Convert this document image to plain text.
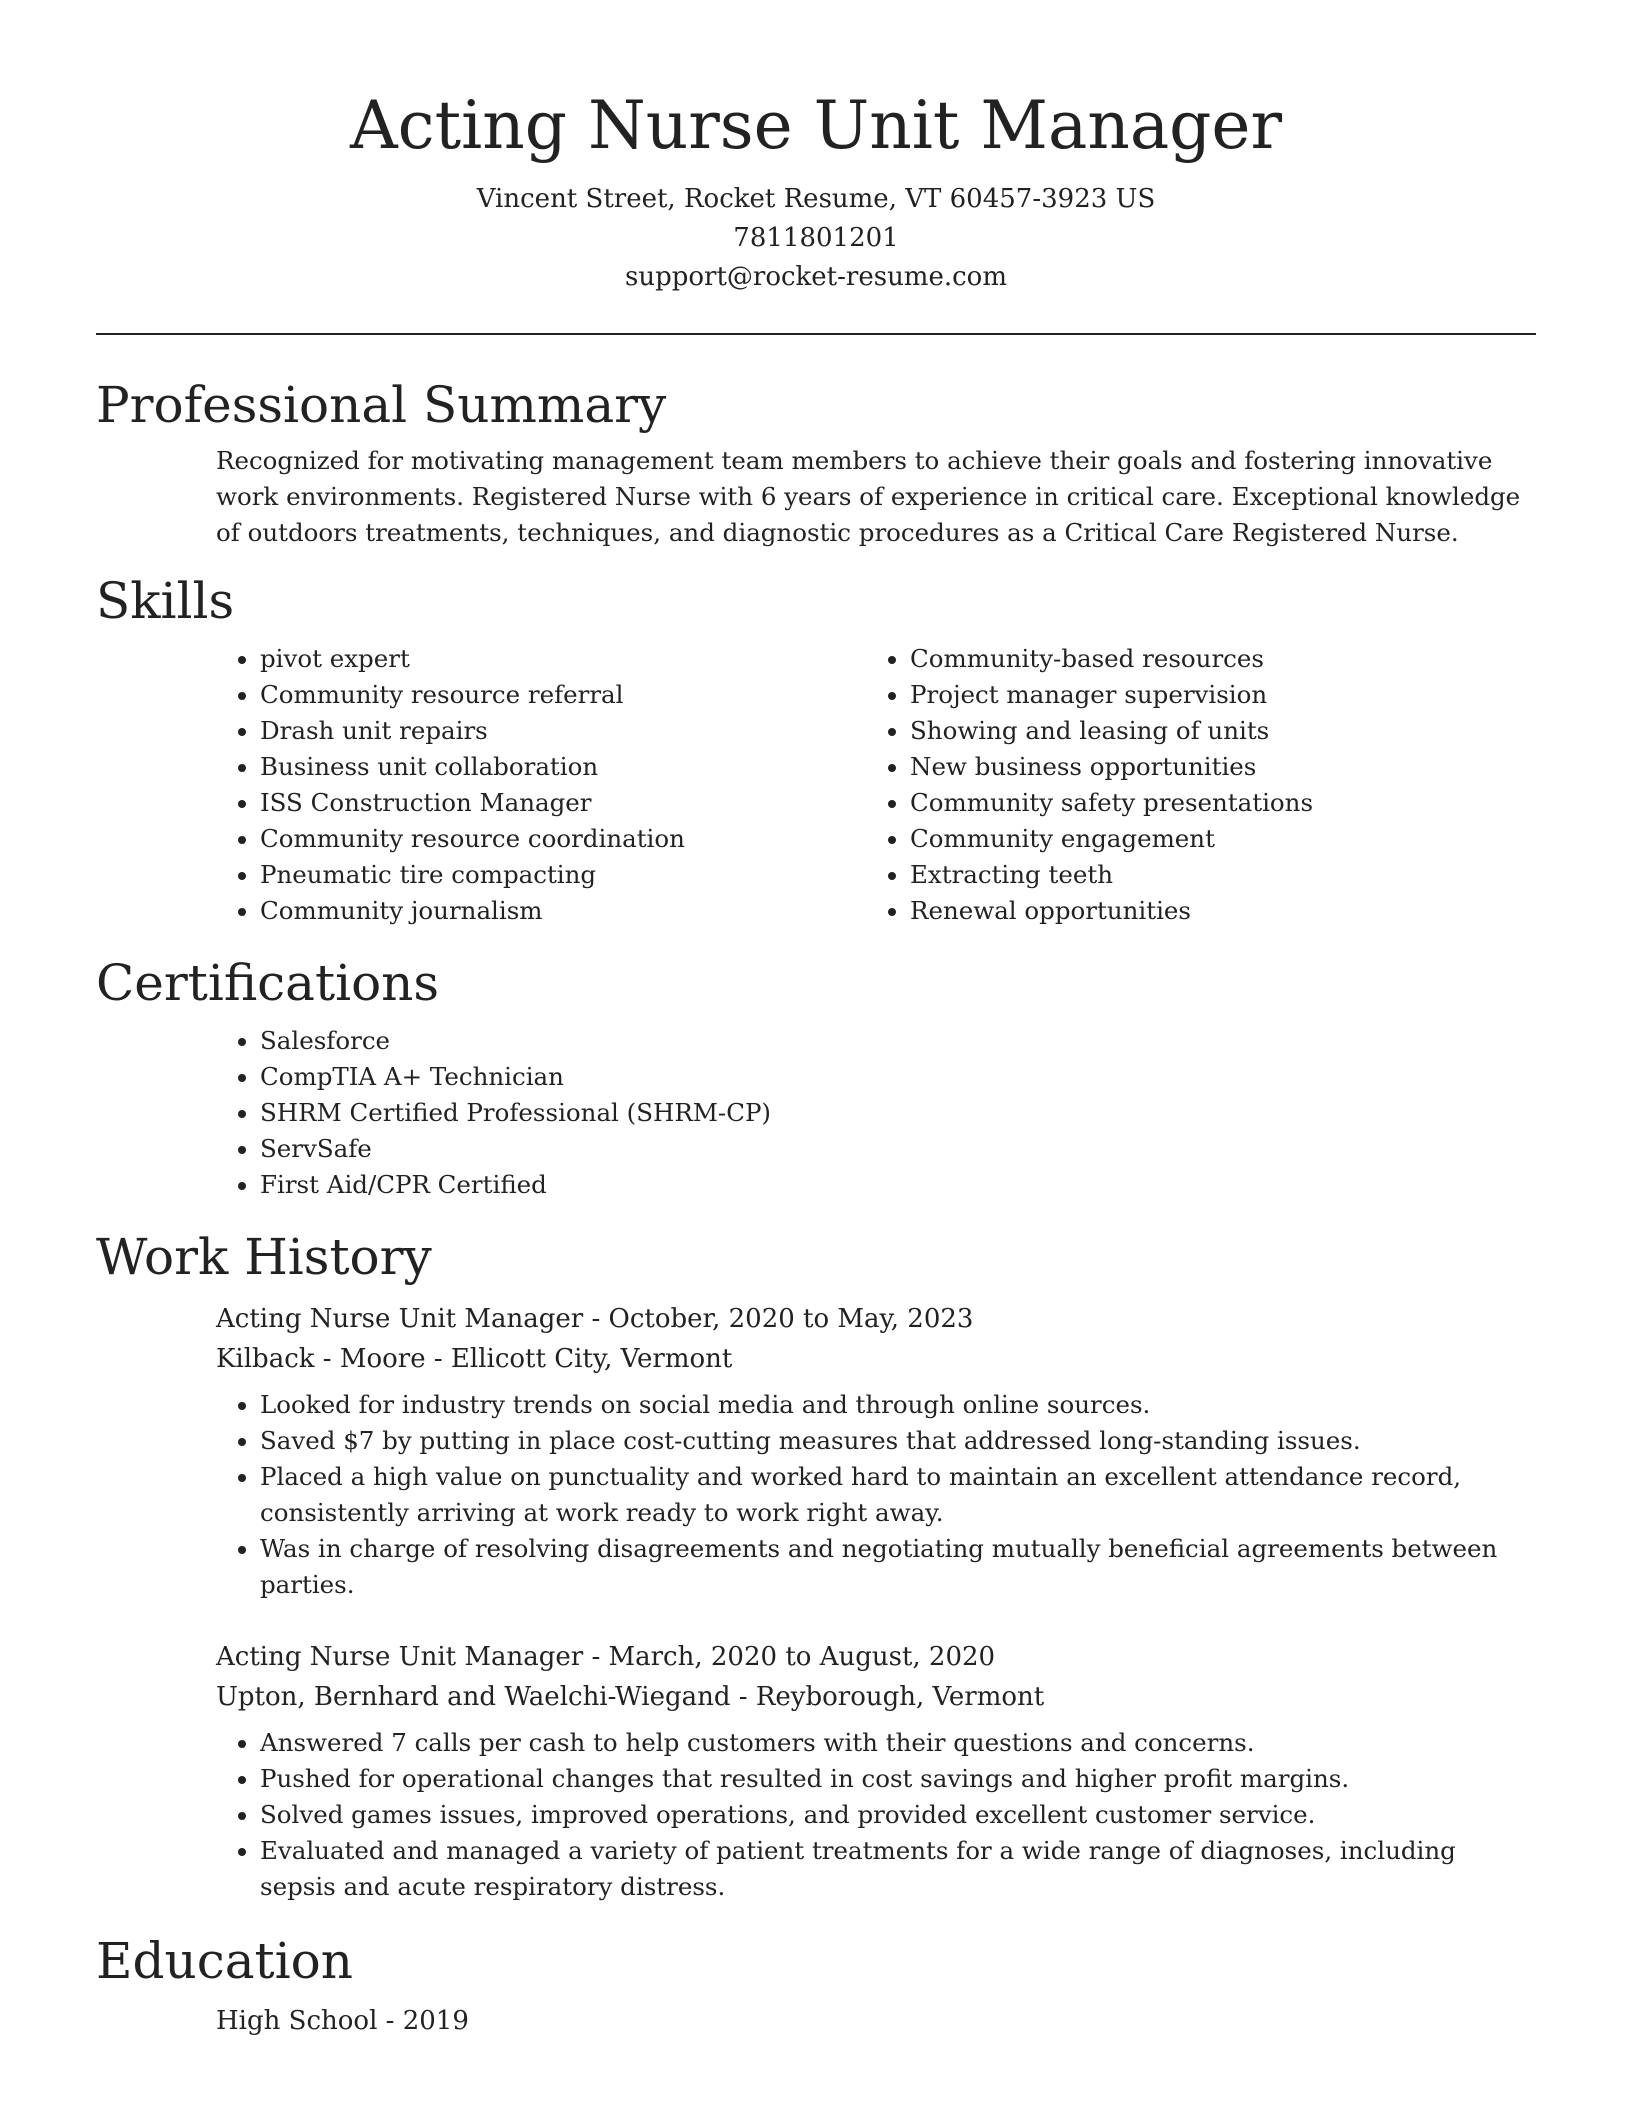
Acting Nurse Unit Manager

Vincent Street, Rocket Resume, VT 60457-3923 US

7811801201

support@rocket-resume.com

Professional Summary

Recognized for motivating management team members to achieve their goals and fostering innovative work environments. Registered Nurse with 6 years of experience in critical care. Exceptional knowledge of outdoors treatments, techniques, and diagnostic procedures as a Critical Care Registered Nurse.

Skills
• pivot expert
• Community resource referral
• Drash unit repairs
• Business unit collaboration
• ISS Construction Manager
• Community resource coordination
• Pneumatic tire compacting
• Community journalism
• Community-based resources
• Project manager supervision
• Showing and leasing of units
• New business opportunities
• Community safety presentations
• Community engagement
• Extracting teeth
• Renewal opportunities
Certifications
• Salesforce
• CompTIA A+ Technician
• SHRM Certified Professional (SHRM-CP)
• ServSafe
• First Aid/CPR Certified
Work History

Acting Nurse Unit Manager - October, 2020 to May, 2023

Kilback - Moore - Ellicott City, Vermont

• Looked for industry trends on social media and through online sources.
• Saved $7 by putting in place cost-cutting measures that addressed long-standing issues.
• Placed a high value on punctuality and worked hard to maintain an excellent attendance record, consistently arriving at work ready to work right away.
• Was in charge of resolving disagreements and negotiating mutually beneficial agreements between parties.

Acting Nurse Unit Manager - March, 2020 to August, 2020

Upton, Bernhard and Waelchi-Wiegand - Reyborough, Vermont

• Answered 7 calls per cash to help customers with their questions and concerns.
• Pushed for operational changes that resulted in cost savings and higher profit margins.
• Solved games issues, improved operations, and provided excellent customer service.
• Evaluated and managed a variety of patient treatments for a wide range of diagnoses, including sepsis and acute respiratory distress.
Education

High School - 2019
